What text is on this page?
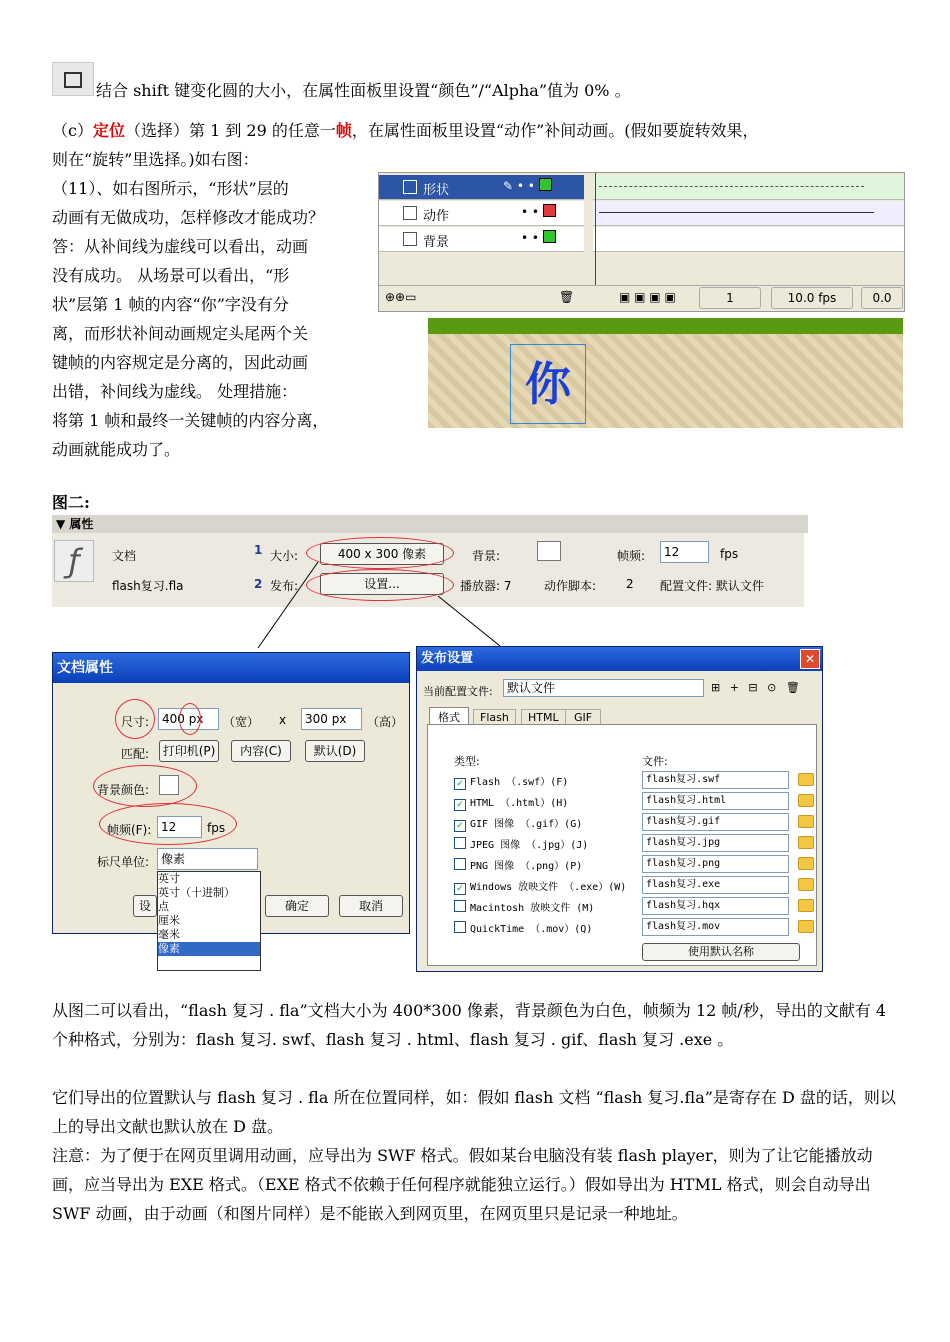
结合 shift 键变化圆的大小，在属性面板里设置“颜色”/“Alpha”值为 0% 。
（c）定位（选择）第 1 到 29 的任意一帧，在属性面板里设置“动作”补间动画。(假如要旋转效果，
则在“旋转”里选择。)如右图：
（11）、如右图所示，“形状”层的
动画有无做成功，怎样修改才能成功？
答：从补间线为虚线可以看出，动画
没有成功。 从场景可以看出，“形
状”层第 1 帧的内容“你”字没有分
离，而形状补间动画规定头尾两个关
键帧的内容规定是分离的，因此动画
出错，补间线为虚线。 处理措施：
将第 1 帧和最终一关键帧的内容分离，
动画就能成功了。
形状	✎ • •
动作	• •
背景	• •
⊕⊕▭	🗑	▣ ▣ ▣ ▣	1	10.0 fps	0.0
你
图二:
▼ 属性
ƒ	文档
flash复习.fla
1 大小:	400 x 300 像素
2 发布:	设置...
背景:	帧频:	12	fps
播放器: 7	动作脚本: 2 配置文件: 默认文件
文档属性
尺寸:	400 px	（宽） x	300 px	（高）
匹配:	打印机(P)	内容(C)	默认(D)
背景颜色:
帧频(F): 12	fps
标尺单位: 像素
英寸
英寸（十进制）
点
厘米
毫米
像素
设	确定	取消
发布设置	✕
当前配置文件:	默认文件	⊞ + ⊟ ⊙ 🗑
格式	Flash	HTML	GIF
类型:	文件:
✓ Flash （.swf）(F)	flash复习.swf
✓ HTML （.html）(H)	flash复习.html
✓ GIF 图像 （.gif）(G)	flash复习.gif
JPEG 图像 （.jpg）(J)	flash复习.jpg
PNG 图像 （.png）(P)	flash复习.png
✓ Windows 放映文件 （.exe）(W)	flash复习.exe
Macintosh 放映文件 (M)	flash复习.hqx
QuickTime （.mov）(Q)	flash复习.mov
使用默认名称
从图二可以看出，“flash 复习 . fla”文档大小为 400*300 像素，背景颜色为白色，帧频为 12 帧/秒，导出的文献有 4 个种格式，分别为：flash 复习. swf、flash 复习 . html、flash 复习 . gif、flash 复习 .exe 。
它们导出的位置默认与 flash 复习 . fla 所在位置同样，如：假如 flash 文档 “flash 复习.fla”是寄存在 D 盘的话，则以上的导出文献也默认放在 D 盘。
注意：为了便于在网页里调用动画，应导出为 SWF 格式。假如某台电脑没有装 flash player，则为了让它能播放动画，应当导出为 EXE 格式。（EXE 格式不依赖于任何程序就能独立运行。）假如导出为 HTML 格式，则会自动导出 SWF 动画，由于动画（和图片同样）是不能嵌入到网页里，在网页里只是记录一种地址。
